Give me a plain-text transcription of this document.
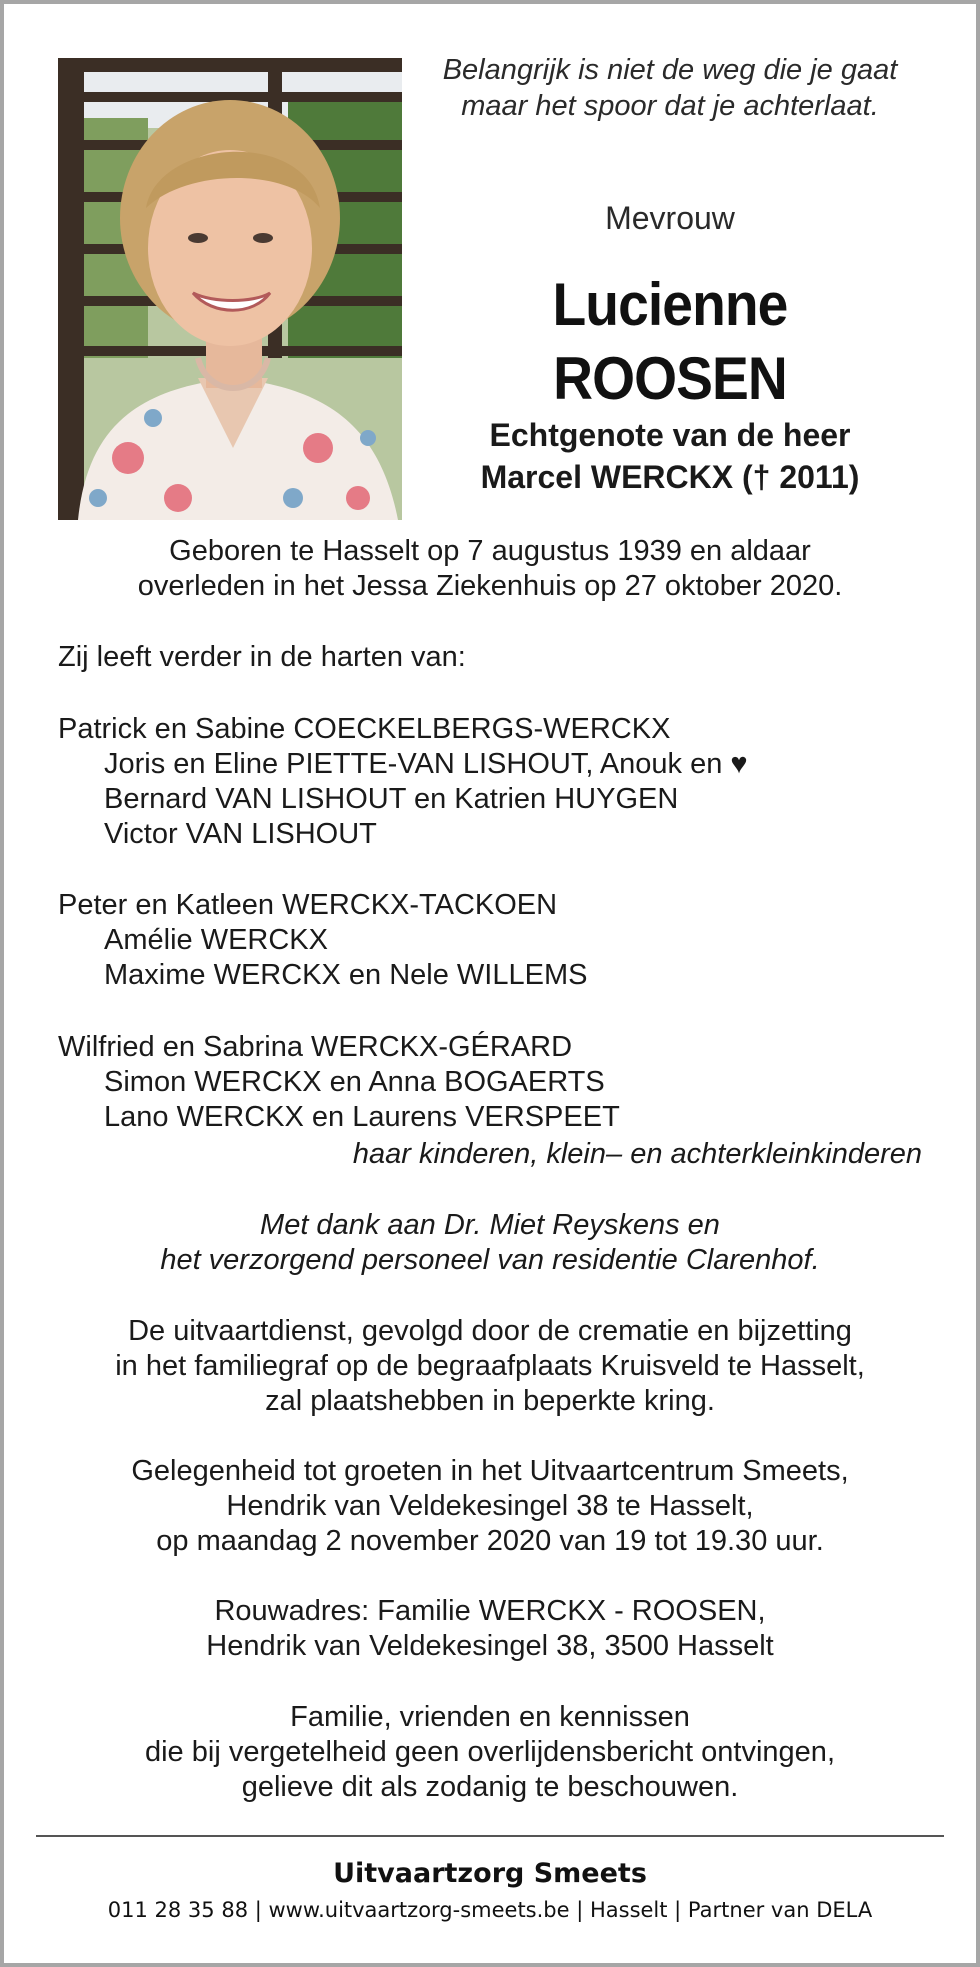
Belangrijk is niet de weg die je gaat
maar het spoor dat je achterlaat.
Mevrouw
Lucienne ROOSEN
Echtgenote van de heer
Marcel WERCKX († 2011)
Geboren te Hasselt op 7 augustus 1939 en aldaar
overleden in het Jessa Ziekenhuis op 27 oktober 2020.
Zij leeft verder in de harten van:
Patrick en Sabine COECKELBERGS-WERCKX
Joris en Eline PIETTE-VAN LISHOUT, Anouk en ♥
Bernard VAN LISHOUT en Katrien HUYGEN
Victor VAN LISHOUT
Peter en Katleen WERCKX-TACKOEN
Amélie WERCKX
Maxime WERCKX en Nele WILLEMS
Wilfried en Sabrina WERCKX-GÉRARD
Simon WERCKX en Anna BOGAERTS
Lano WERCKX en Laurens VERSPEET
haar kinderen, klein– en achterkleinkinderen
Met dank aan Dr. Miet Reyskens en
het verzorgend personeel van residentie Clarenhof.
De uitvaartdienst, gevolgd door de crematie en bijzetting
in het familiegraf op de begraafplaats Kruisveld te Hasselt,
zal plaatshebben in beperkte kring.
Gelegenheid tot groeten in het Uitvaartcentrum Smeets,
Hendrik van Veldekesingel 38 te Hasselt,
op maandag 2 november 2020 van 19 tot 19.30 uur.
Rouwadres: Familie WERCKX - ROOSEN,
Hendrik van Veldekesingel 38, 3500 Hasselt
Familie, vrienden en kennissen
die bij vergetelheid geen overlijdensbericht ontvingen,
gelieve dit als zodanig te beschouwen.
Uitvaartzorg Smeets
011 28 35 88 | www.uitvaartzorg-smeets.be | Hasselt | Partner van DELA
